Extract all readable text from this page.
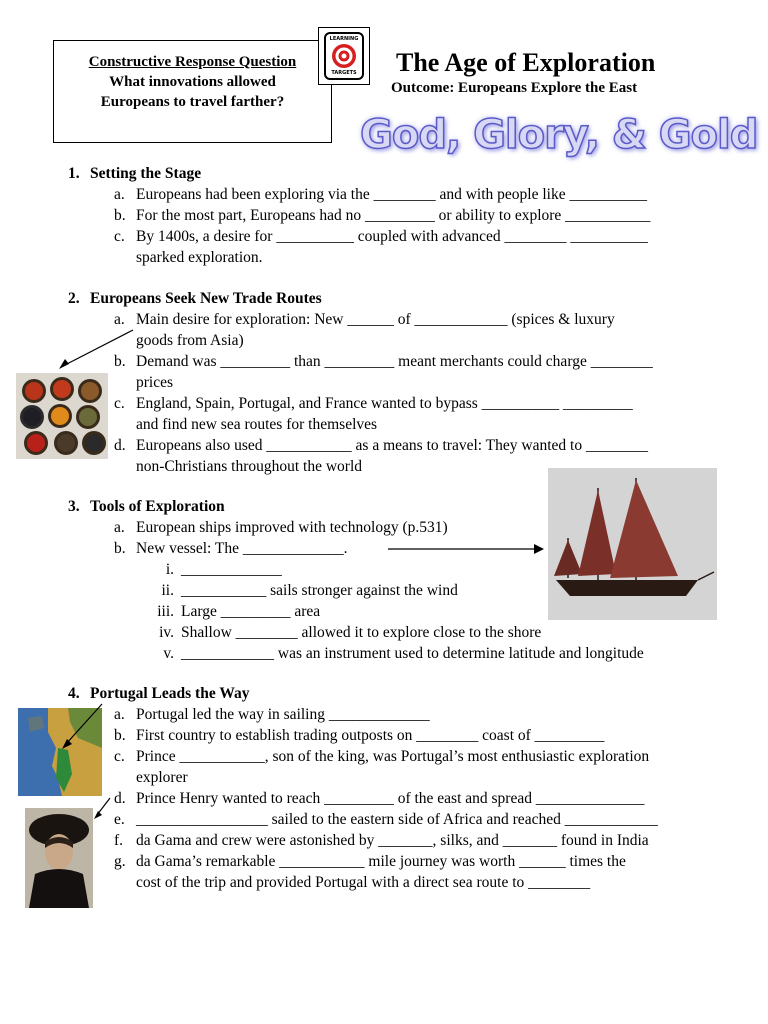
Constructive Response Question
What innovations allowed
Europeans to travel farther?
LEARNING
TARGETS The Age of Exploration
Outcome: Europeans Explore the East
God, Glory, & Gold
1. Setting the Stage
a. Europeans had been exploring via the ________ and with people like __________
b. For the most part, Europeans had no _________ or ability to explore ___________
c. By 1400s, a desire for __________ coupled with advanced ________ __________
sparked exploration.
2. Europeans Seek New Trade Routes
a. Main desire for exploration: New ______ of ____________ (spices & luxury
goods from Asia)
b. Demand was _________ than _________ meant merchants could charge ________
prices
c. England, Spain, Portugal, and France wanted to bypass __________ _________
and find new sea routes for themselves
d. Europeans also used ___________ as a means to travel: They wanted to ________
non-Christians throughout the world
3. Tools of Exploration
a. European ships improved with technology (p.531)
b. New vessel: The _____________.
i. _____________
ii. ___________ sails stronger against the wind
iii. Large _________ area
iv. Shallow ________ allowed it to explore close to the shore
v. ____________ was an instrument used to determine latitude and longitude
4. Portugal Leads the Way
a. Portugal led the way in sailing _____________
b. First country to establish trading outposts on ________ coast of _________
c. Prince ___________, son of the king, was Portugal’s most enthusiastic exploration
explorer
d. Prince Henry wanted to reach _________ of the east and spread ______________
e. _________________ sailed to the eastern side of Africa and reached ____________
f. da Gama and crew were astonished by _______, silks, and _______ found in India
g. da Gama’s remarkable ___________ mile journey was worth ______ times the
cost of the trip and provided Portugal with a direct sea route to ________
